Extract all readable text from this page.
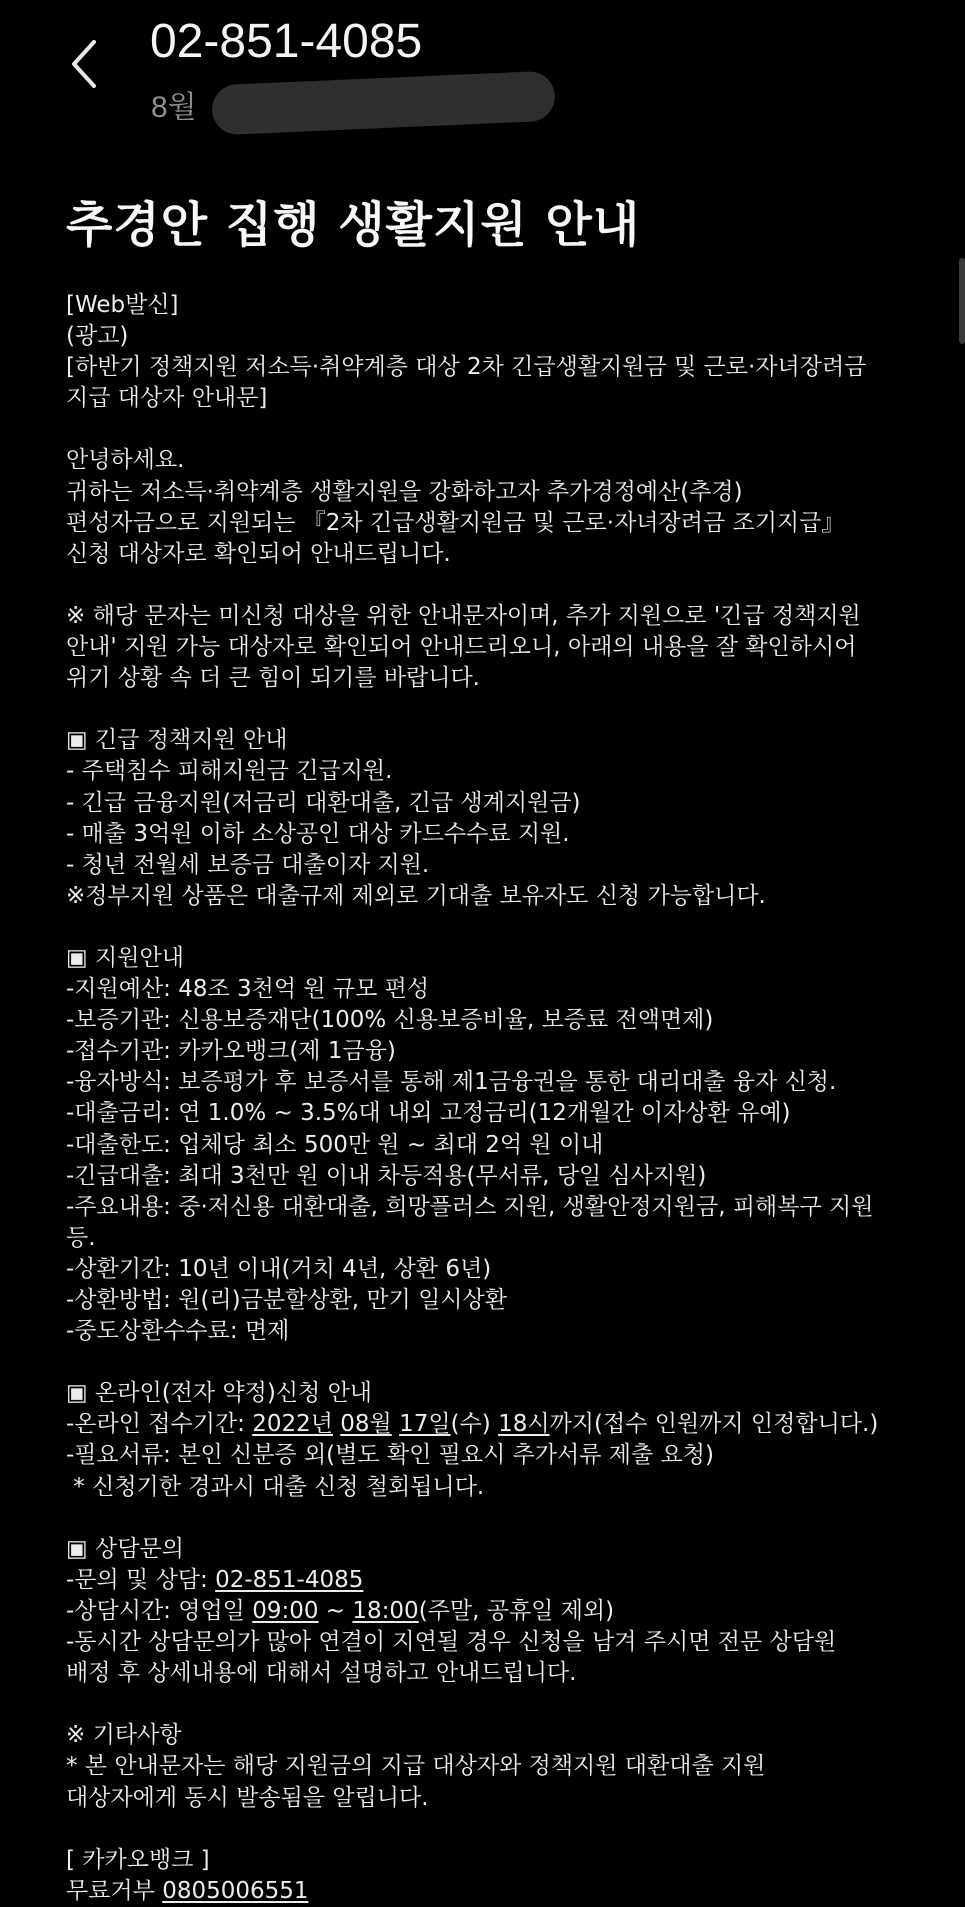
02-851-4085
8월
추경안 집행 생활지원 안내
[Web발신]
(광고)
[하반기 정책지원 저소득·취약계층 대상 2차 긴급생활지원금 및 근로·자녀장려금
지급 대상자 안내문]
안녕하세요.
귀하는 저소득·취약계층 생활지원을 강화하고자 추가경정예산(추경)
편성자금으로 지원되는 『2차 긴급생활지원금 및 근로·자녀장려금 조기지급』
신청 대상자로 확인되어 안내드립니다.
※ 해당 문자는 미신청 대상을 위한 안내문자이며, 추가 지원으로 '긴급 정책지원
안내' 지원 가능 대상자로 확인되어 안내드리오니, 아래의 내용을 잘 확인하시어
위기 상황 속 더 큰 힘이 되기를 바랍니다.
▣ 긴급 정책지원 안내
- 주택침수 피해지원금 긴급지원.
- 긴급 금융지원(저금리 대환대출, 긴급 생계지원금)
- 매출 3억원 이하 소상공인 대상 카드수수료 지원.
- 청년 전월세 보증금 대출이자 지원.
※정부지원 상품은 대출규제 제외로 기대출 보유자도 신청 가능합니다.
▣ 지원안내
-지원예산: 48조 3천억 원 규모 편성
-보증기관: 신용보증재단(100% 신용보증비율, 보증료 전액면제)
-접수기관: 카카오뱅크(제 1금융)
-융자방식: 보증평가 후 보증서를 통해 제1금융권을 통한 대리대출 융자 신청.
-대출금리: 연 1.0% ~ 3.5%대 내외 고정금리(12개월간 이자상환 유예)
-대출한도: 업체당 최소 500만 원 ~ 최대 2억 원 이내
-긴급대출: 최대 3천만 원 이내 차등적용(무서류, 당일 심사지원)
-주요내용: 중·저신용 대환대출, 희망플러스 지원, 생활안정지원금, 피해복구 지원
등.
-상환기간: 10년 이내(거치 4년, 상환 6년)
-상환방법: 원(리)금분할상환, 만기 일시상환
-중도상환수수료: 면제
▣ 온라인(전자 약정)신청 안내
-온라인 접수기간: 2022년 08월 17일(수) 18시까지(접수 인원까지 인정합니다.)
-필요서류: 본인 신분증 외(별도 확인 필요시 추가서류 제출 요청)
* 신청기한 경과시 대출 신청 철회됩니다.
▣ 상담문의
-문의 및 상담: 02-851-4085
-상담시간: 영업일 09:00 ~ 18:00(주말, 공휴일 제외)
-동시간 상담문의가 많아 연결이 지연될 경우 신청을 남겨 주시면 전문 상담원
배정 후 상세내용에 대해서 설명하고 안내드립니다.
※ 기타사항
* 본 안내문자는 해당 지원금의 지급 대상자와 정책지원 대환대출 지원
대상자에게 동시 발송됨을 알립니다.
[ 카카오뱅크 ]
무료거부 0805006551
